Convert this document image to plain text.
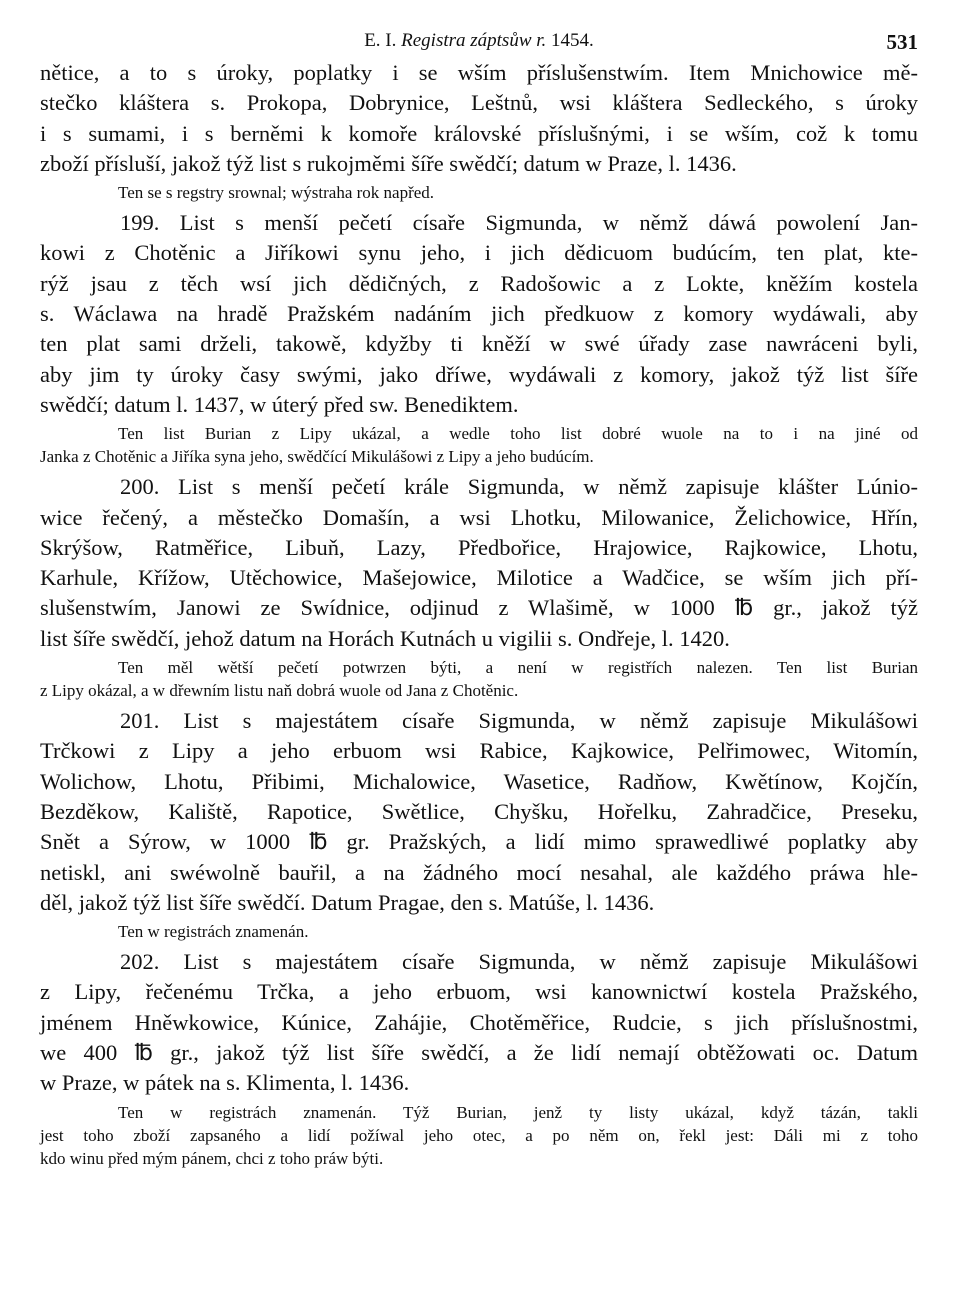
E. I. Registra záptsůw r. 1454.	531
nětice, a to s úroky, poplatky i se wším příslušenstwím. Item Mnichowice mě-
stečko kláštera s. Prokopa, Dobrynice, Leštnů, wsi kláštera Sedleckého, s úroky
i s sumami, i s berněmi k komoře královské příslušnými, i se wším, což k tomu
zboží přísluší, jakož týž list s rukojměmi šíře swědčí; datum w Praze, l. 1436.
Ten se s regstry srownal; wýstraha rok napřed.
199. List s menší pečetí císaře Sigmunda, w němž dáwá powolení Jan-
kowi z Chotěnic a Jiříkowi synu jeho, i jich dědicuom budúcím, ten plat, kte-
rýž jsau z těch wsí jich dědičných, z Radošowic a z Lokte, kněžím kostela
s. Wáclawa na hradě Pražském nadáním jich předkuow z komory wydáwali, aby
ten plat sami drželi, takowě, kdyžby ti kněží w swé úřady zase nawráceni byli,
aby jim ty úroky časy swými, jako dříwe, wydáwali z komory, jakož týž list šíře
swědčí; datum l. 1437, w úterý před sw. Benediktem.
Ten list Burian z Lipy ukázal, a wedle toho list dobré wuole na to i na jiné od
Janka z Chotěnic a Jiříka syna jeho, swědčící Mikulášowi z Lipy a jeho budúcím.
200. List s menší pečetí krále Sigmunda, w němž zapisuje klášter Lúnio-
wice řečený, a městečko Domašín, a wsi Lhotku, Milowanice, Želichowice, Hřín,
Skrýšow, Ratměřice, Libuň, Lazy, Předbořice, Hrajowice, Rajkowice, Lhotu,
Karhule, Křížow, Utěchowice, Mašejowice, Milotice a Wadčice, se wším jich pří-
slušenstwím, Janowi ze Swídnice, odjinud z Wlašimě, w 1000 ℔ gr., jakož týž
list šíře swědčí, jehož datum na Horách Kutnách u vigilii s. Ondřeje, l. 1420.
Ten měl wětší pečetí potwrzen býti, a není w registřích nalezen. Ten list Burian
z Lipy okázal, a w dřewním listu naň dobrá wuole od Jana z Chotěnic.
201. List s majestátem císaře Sigmunda, w němž zapisuje Mikulášowi
Trčkowi z Lipy a jeho erbuom wsi Rabice, Kajkowice, Pelřimowec, Witomín,
Wolichow, Lhotu, Přibimi, Michalowice, Wasetice, Radňow, Kwětínow, Kojčín,
Bezděkow, Kaliště, Rapotice, Swětlice, Chyšku, Hořelku, Zahradčice, Preseku,
Snět a Sýrow, w 1000 ℔ gr. Pražských, a lidí mimo sprawedliwé poplatky aby
netiskl, ani swéwolně bauřil, a na žádného mocí nesahal, ale každého práwa hle-
děl, jakož týž list šíře swědčí. Datum Pragae, den s. Matúše, l. 1436.
Ten w registrách znamenán.
202. List s majestátem císaře Sigmunda, w němž zapisuje Mikulášowi
z Lipy, řečenému Trčka, a jeho erbuom, wsi kanownictwí kostela Pražského,
jménem Hněwkowice, Kúnice, Zahájie, Chotěměřice, Rudcie, s jich příslušnostmi,
we 400 ℔ gr., jakož týž list šíře swědčí, a že lidí nemají obtěžowati oc. Datum
w Praze, w pátek na s. Klimenta, l. 1436.
Ten w registrách znamenán. Týž Burian, jenž ty listy ukázal, když tázán, takli
jest toho zboží zapsaného a lidí požíwal jeho otec, a po něm on, řekl jest: Dáli mi z toho
kdo winu před mým pánem, chci z toho práw býti.
